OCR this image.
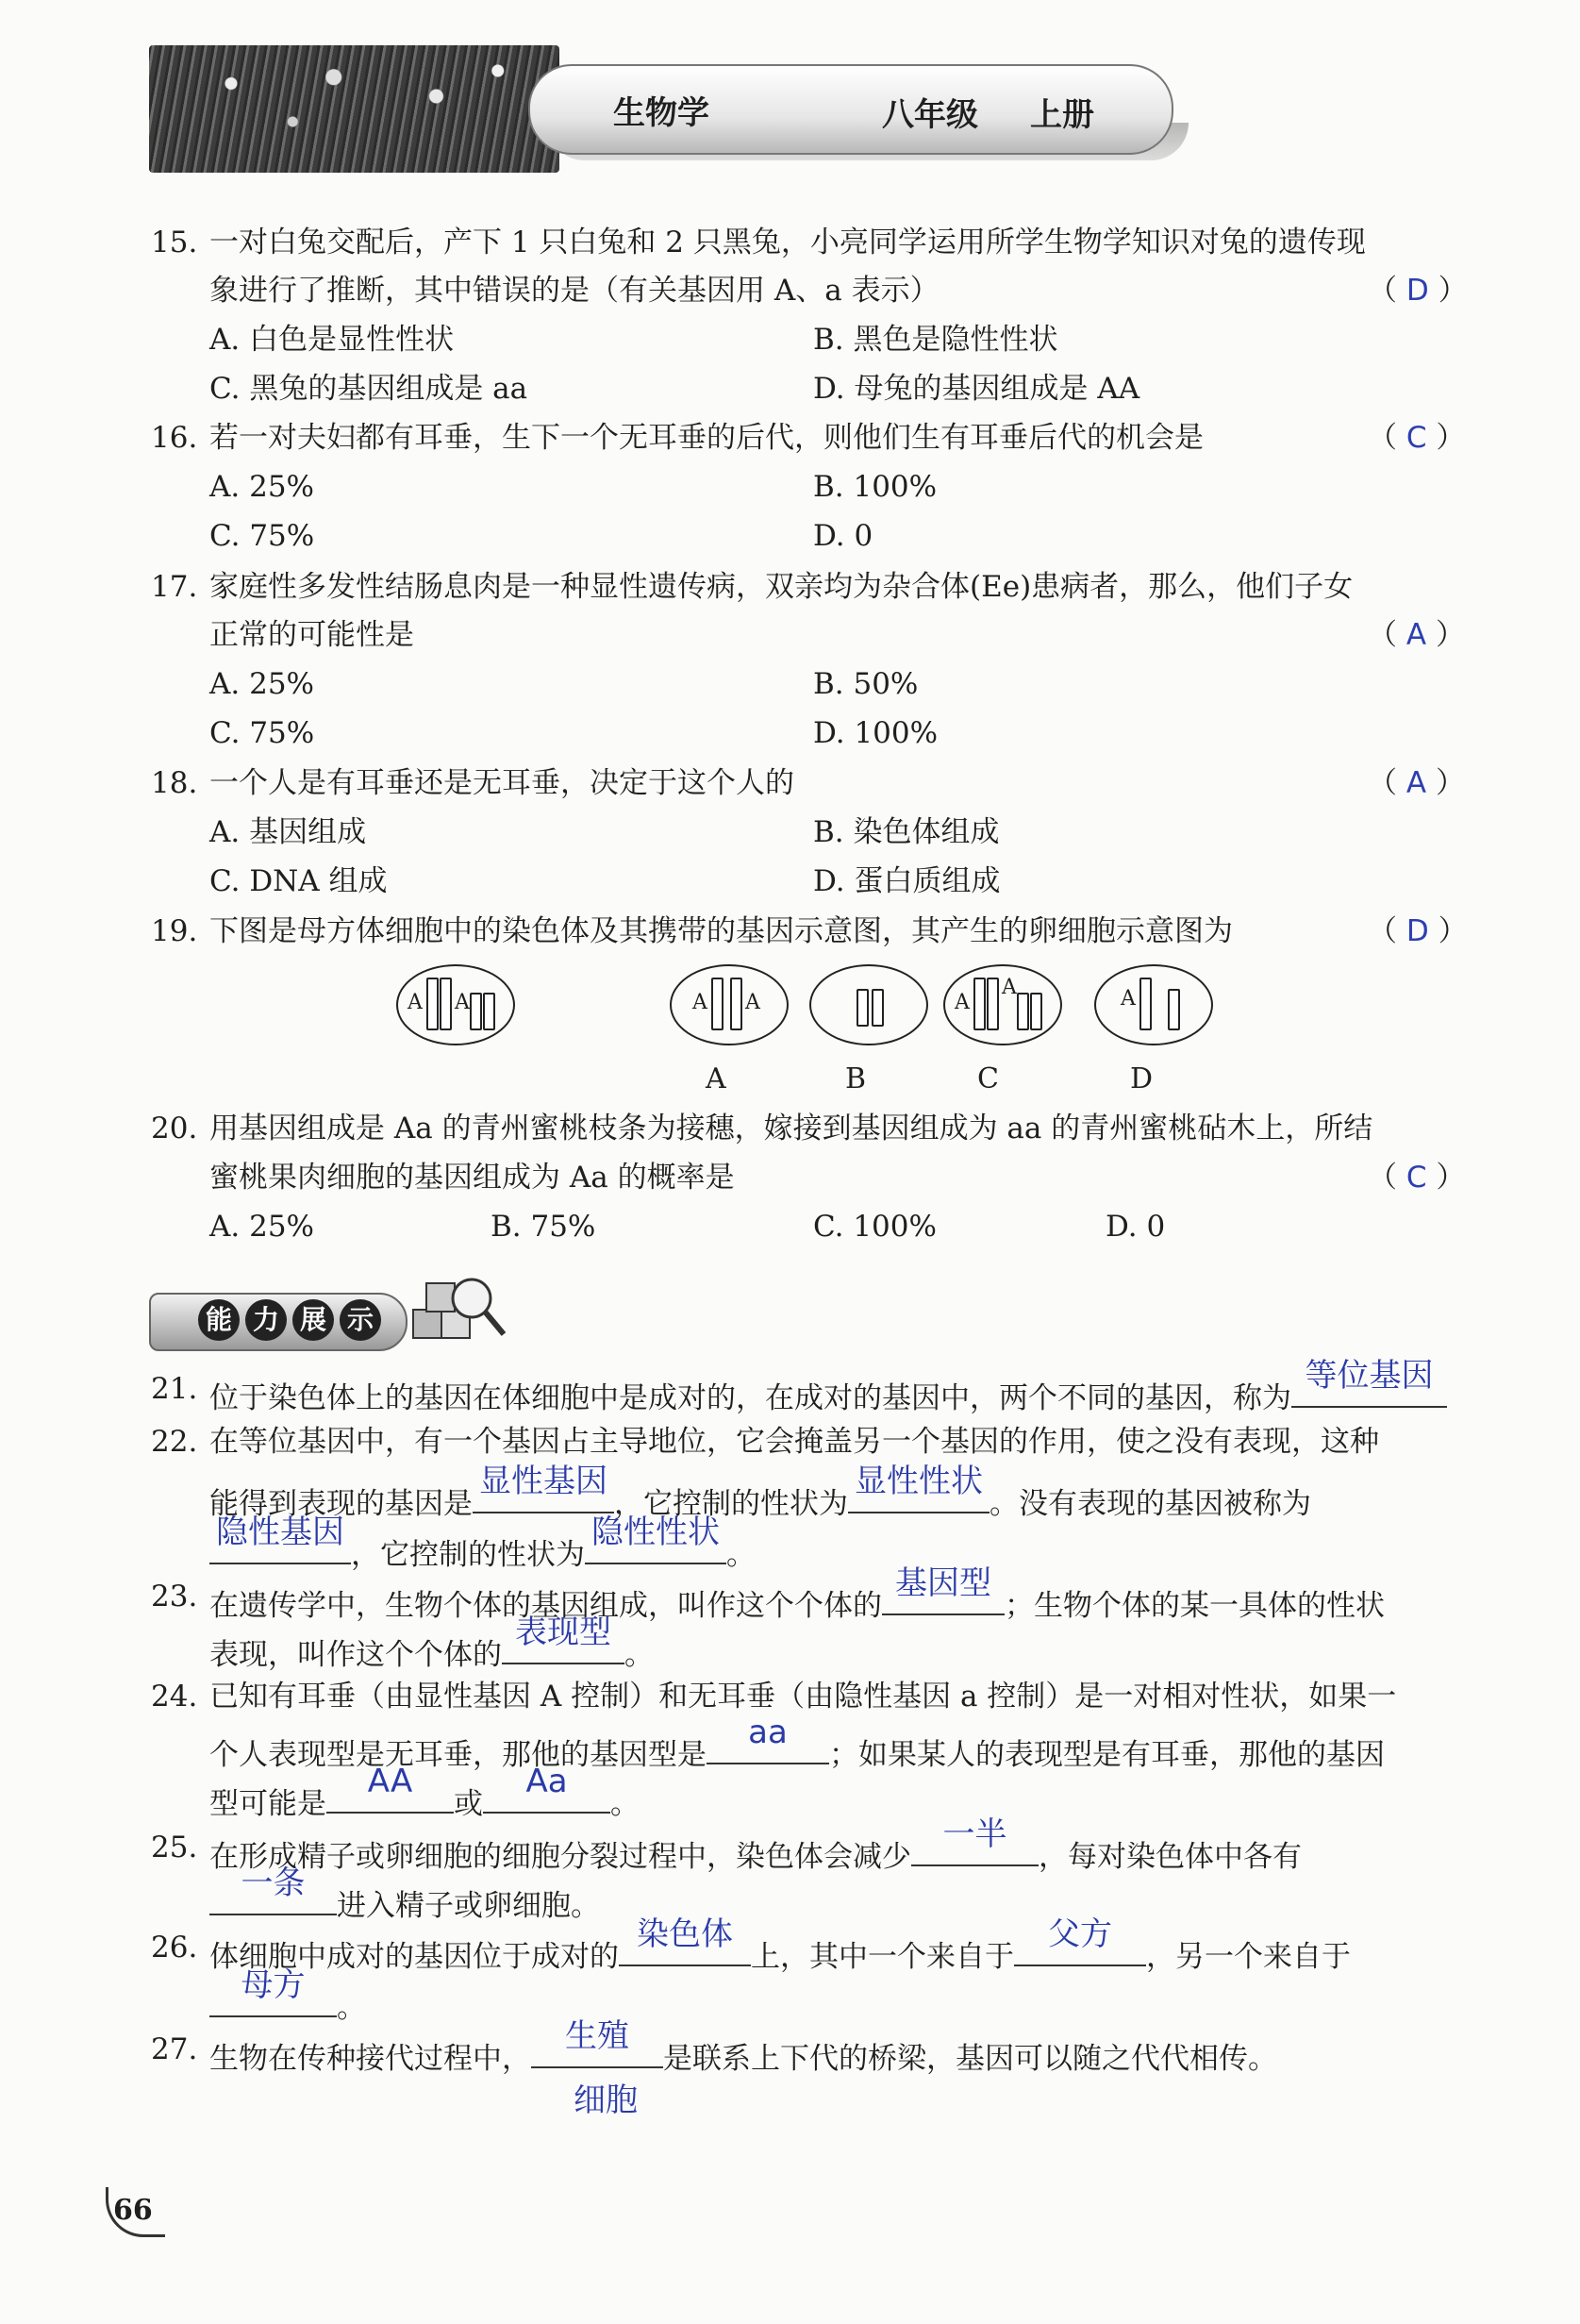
生物学	八年级 上册
15. 一对白兔交配后，产下 1 只白兔和 2 只黑兔，小亮同学运用所学生物学知识对兔的遗传现
象进行了推断，其中错误的是（有关基因用 A、a 表示）	（ D ）
A. 白色是显性性状	B. 黑色是隐性性状
C. 黑兔的基因组成是 aa	D. 母兔的基因组成是 AA
16. 若一对夫妇都有耳垂，生下一个无耳垂的后代，则他们生有耳垂后代的机会是	（ C ）
A. 25%	B. 100%
C. 75%	D. 0
17. 家庭性多发性结肠息肉是一种显性遗传病，双亲均为杂合体(Ee)患病者，那么，他们子女
正常的可能性是	（ A ）
A. 25%	B. 50%
C. 75%	D. 100%
18. 一个人是有耳垂还是无耳垂，决定于这个人的	（ A ）
A. 基因组成	B. 染色体组成
C. DNA 组成	D. 蛋白质组成
19. 下图是母方体细胞中的染色体及其携带的基因示意图，其产生的卵细胞示意图为	（ D ）
A A	A A	A
A	A
A	B	C	D
20. 用基因组成是 Aa 的青州蜜桃枝条为接穗，嫁接到基因组成为 aa 的青州蜜桃砧木上，所结
蜜桃果肉细胞的基因组成为 Aa 的概率是	（ C ）
A. 25%	B. 75%	C. 100%	D. 0
能 力 展 示
21. 位于染色体上的基因在体细胞中是成对的，在成对的基因中，两个不同的基因，称为
等位基因
22. 在等位基因中，有一个基因占主导地位，它会掩盖另一个基因的作用，使之没有表现，这种
能得到表现的基因是
显性基因
，它控制的性状为
显性性状
。没有表现的基因被称为
隐性基因
，它控制的性状为
隐性性状
。
23. 在遗传学中，生物个体的基因组成，叫作这个个体的
基因型
；生物个体的某一具体的性状
表现，叫作这个个体的
表现型
。
24. 已知有耳垂（由显性基因 A 控制）和无耳垂（由隐性基因 a 控制）是一对相对性状，如果一
个人表现型是无耳垂，那他的基因型是
aa
；如果某人的表现型是有耳垂，那他的基因
型可能是
AA
或
Aa
。
25. 在形成精子或卵细胞的细胞分裂过程中，染色体会减少
一半
，每对染色体中各有
一条
进入精子或卵细胞。
26. 体细胞中成对的基因位于成对的
染色体
上，其中一个来自于
父方
，另一个来自于
母方
。
27. 生物在传种接代过程中，
生殖
是联系上下代的桥梁，基因可以随之代代相传。
细胞
66
